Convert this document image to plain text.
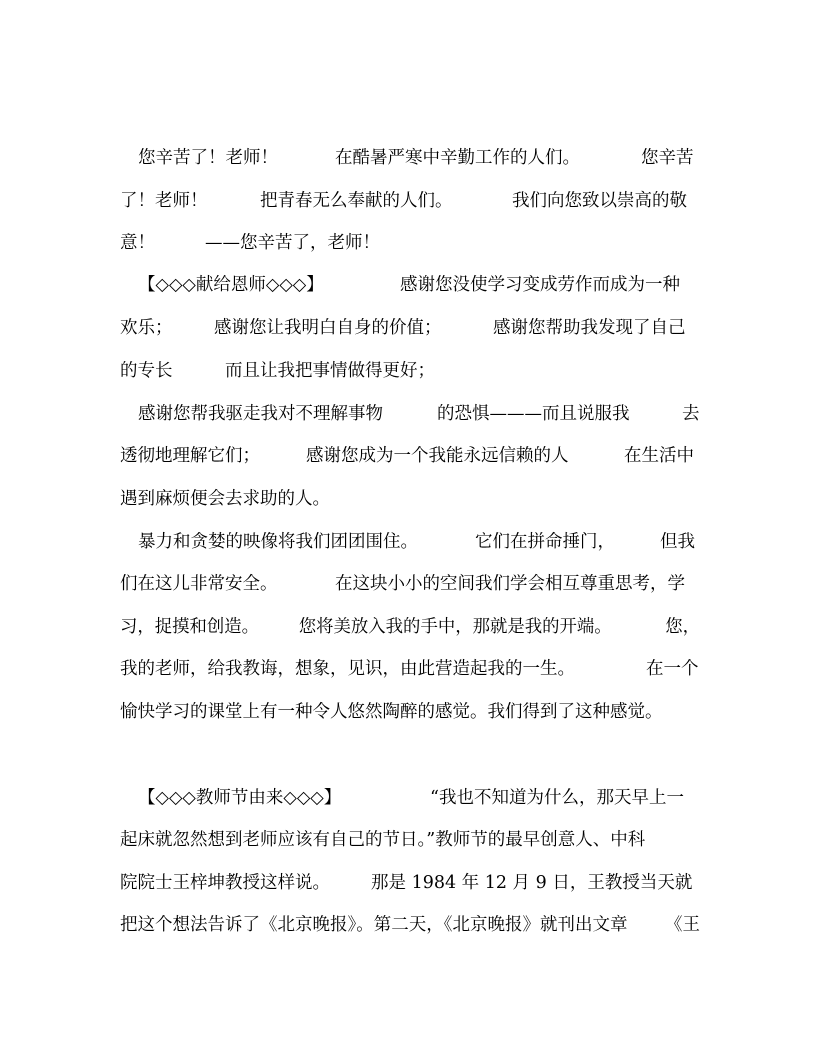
您辛苦了！老师！

	在酷暑严寒中辛勤工作的人们。

	您辛苦

了！老师！

	把青春无么奉献的人们。

	我们向您致以崇高的敬

意！

	——您辛苦了，老师！

【◇◇◇献给恩师◇◇◇】

	感谢您没使学习变成劳作而成为一种

欢乐；

感谢您让我明白自身的价值；

	感谢您帮助我发现了自己

的专长

	而且让我把事情做得更好；

感谢您帮我驱走我对不理解事物

	的恐惧———而且说服我

	去

透彻地理解它们；

	感谢您成为一个我能永远信赖的人

	在生活中

遇到麻烦便会去求助的人。

暴力和贪婪的映像将我们团团围住。

	它们在拼命捶门，

	但我

们在这儿非常安全。

	在这块小小的空间我们学会相互尊重思考，学

习，捉摸和创造。

您将美放入我的手中，那就是我的开端。

	您，

我的老师，给我教诲，想象，见识，由此营造起我的一生。

	在一个

愉快学习的课堂上有一种令人悠然陶醉的感觉。我们得到了这种感觉。

【◇◇◇教师节由来◇◇◇】

	“我也不知道为什么，那天早上一

起床就忽然想到老师应该有自己的节日。”教师节的最早创意人、中科

院院士王梓坤教授这样说。

那是 1984 年 12 月 9 日，王教授当天就

把这个想法告诉了《北京晚报》。第二天，《北京晚报》就刊出文章

《王
